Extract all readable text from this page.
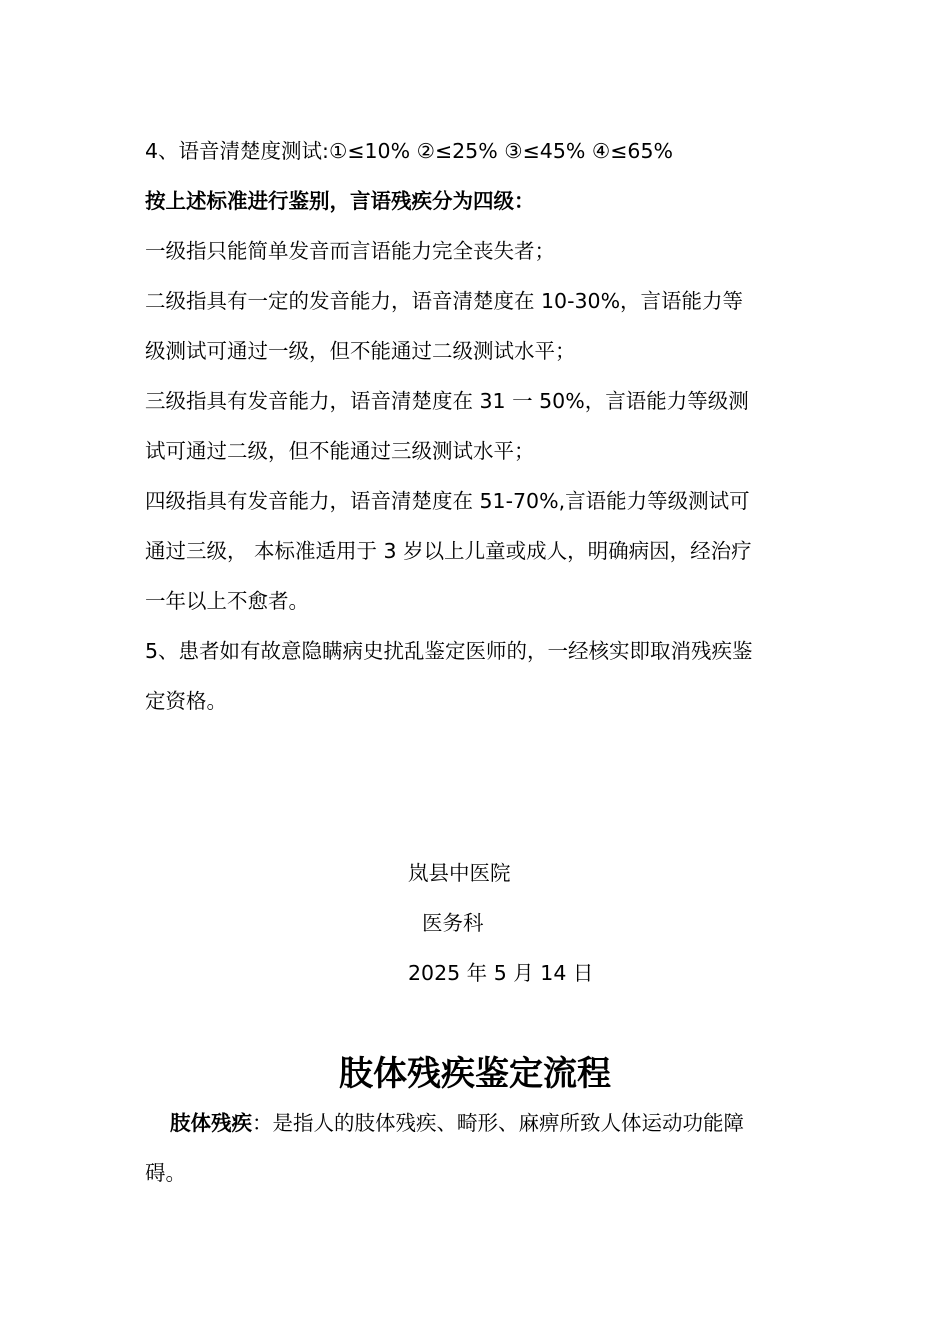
4、语音清楚度测试:①≤10% ②≤25% ③≤45% ④≤65%
按上述标准进行鉴别，言语残疾分为四级：
一级指只能简单发音而言语能力完全丧失者；
二级指具有一定的发音能力，语音清楚度在 10-30%，言语能力等
级测试可通过一级，但不能通过二级测试水平；
三级指具有发音能力，语音清楚度在 31 一 50%，言语能力等级测
试可通过二级，但不能通过三级测试水平；
四级指具有发音能力，语音清楚度在 51-70%,言语能力等级测试可
通过三级， 本标准适用于 3 岁以上儿童或成人，明确病因，经治疗
一年以上不愈者。
5、患者如有故意隐瞒病史扰乱鉴定医师的，一经核实即取消残疾鉴
定资格。
岚县中医院
医务科
2025 年 5 月 14 日
肢体残疾鉴定流程
肢体残疾：是指人的肢体残疾、畸形、麻痹所致人体运动功能障
碍。
